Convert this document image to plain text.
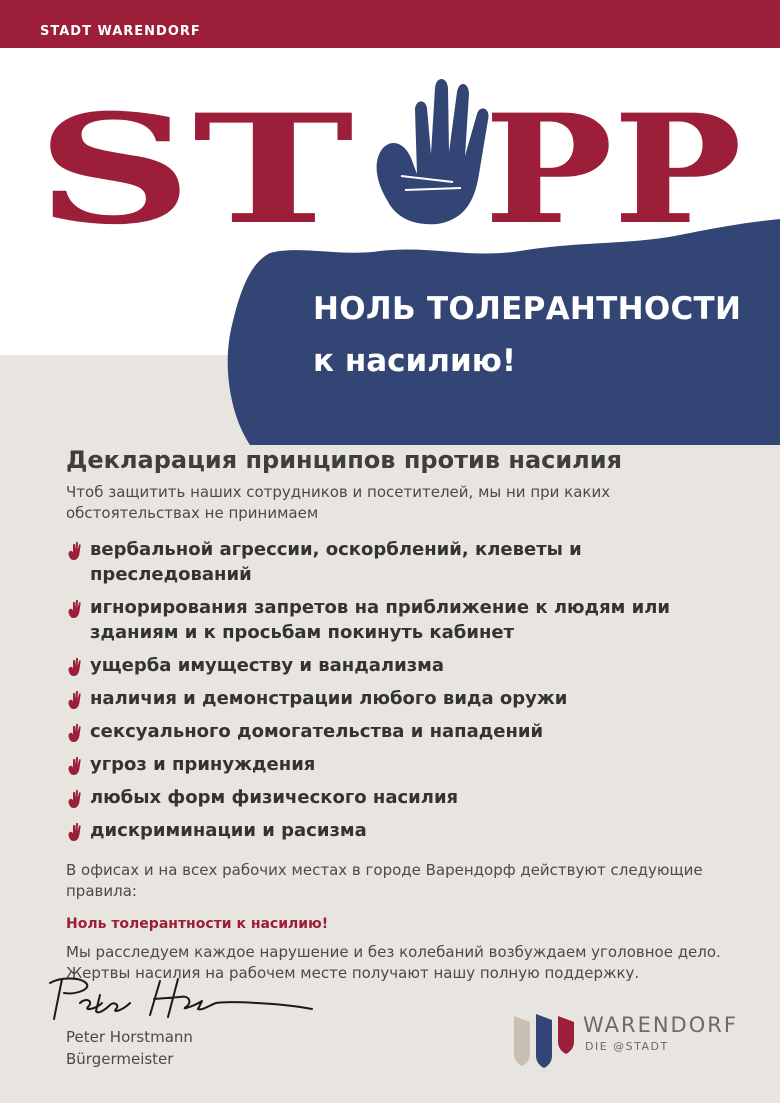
STADT WARENDORF
ST PP
НОЛЬ ТОЛЕРАНТНОСТИ
к насилию!
Декларация принципов против насилия
Чтоб защитить наших сотрудников и посетителей, мы ни при каких обстоятельствах не принимаем
вербальной агрессии, оскорблений, клеветы и преследований
игнорирования запретов на приближение к людям или зданиям и к просьбам покинуть кабинет
ущерба имуществу и вандализма
наличия и демонстрации любого вида оружи
сексуального домогательства и нападений
угроз и принуждения
любых форм физического насилия
дискриминации и расизма
В офисах и на всех рабочих местах в городе Варендорф действуют следующие правила:
Ноль толерантности к насилию!
Мы расследуем каждое нарушение и без колебаний возбуждаем уголовное дело. Жертвы насилия на рабочем месте получают нашу полную поддержку.
Peter Horstmann
Bürgermeister
WARENDORF
DIE @STADT
